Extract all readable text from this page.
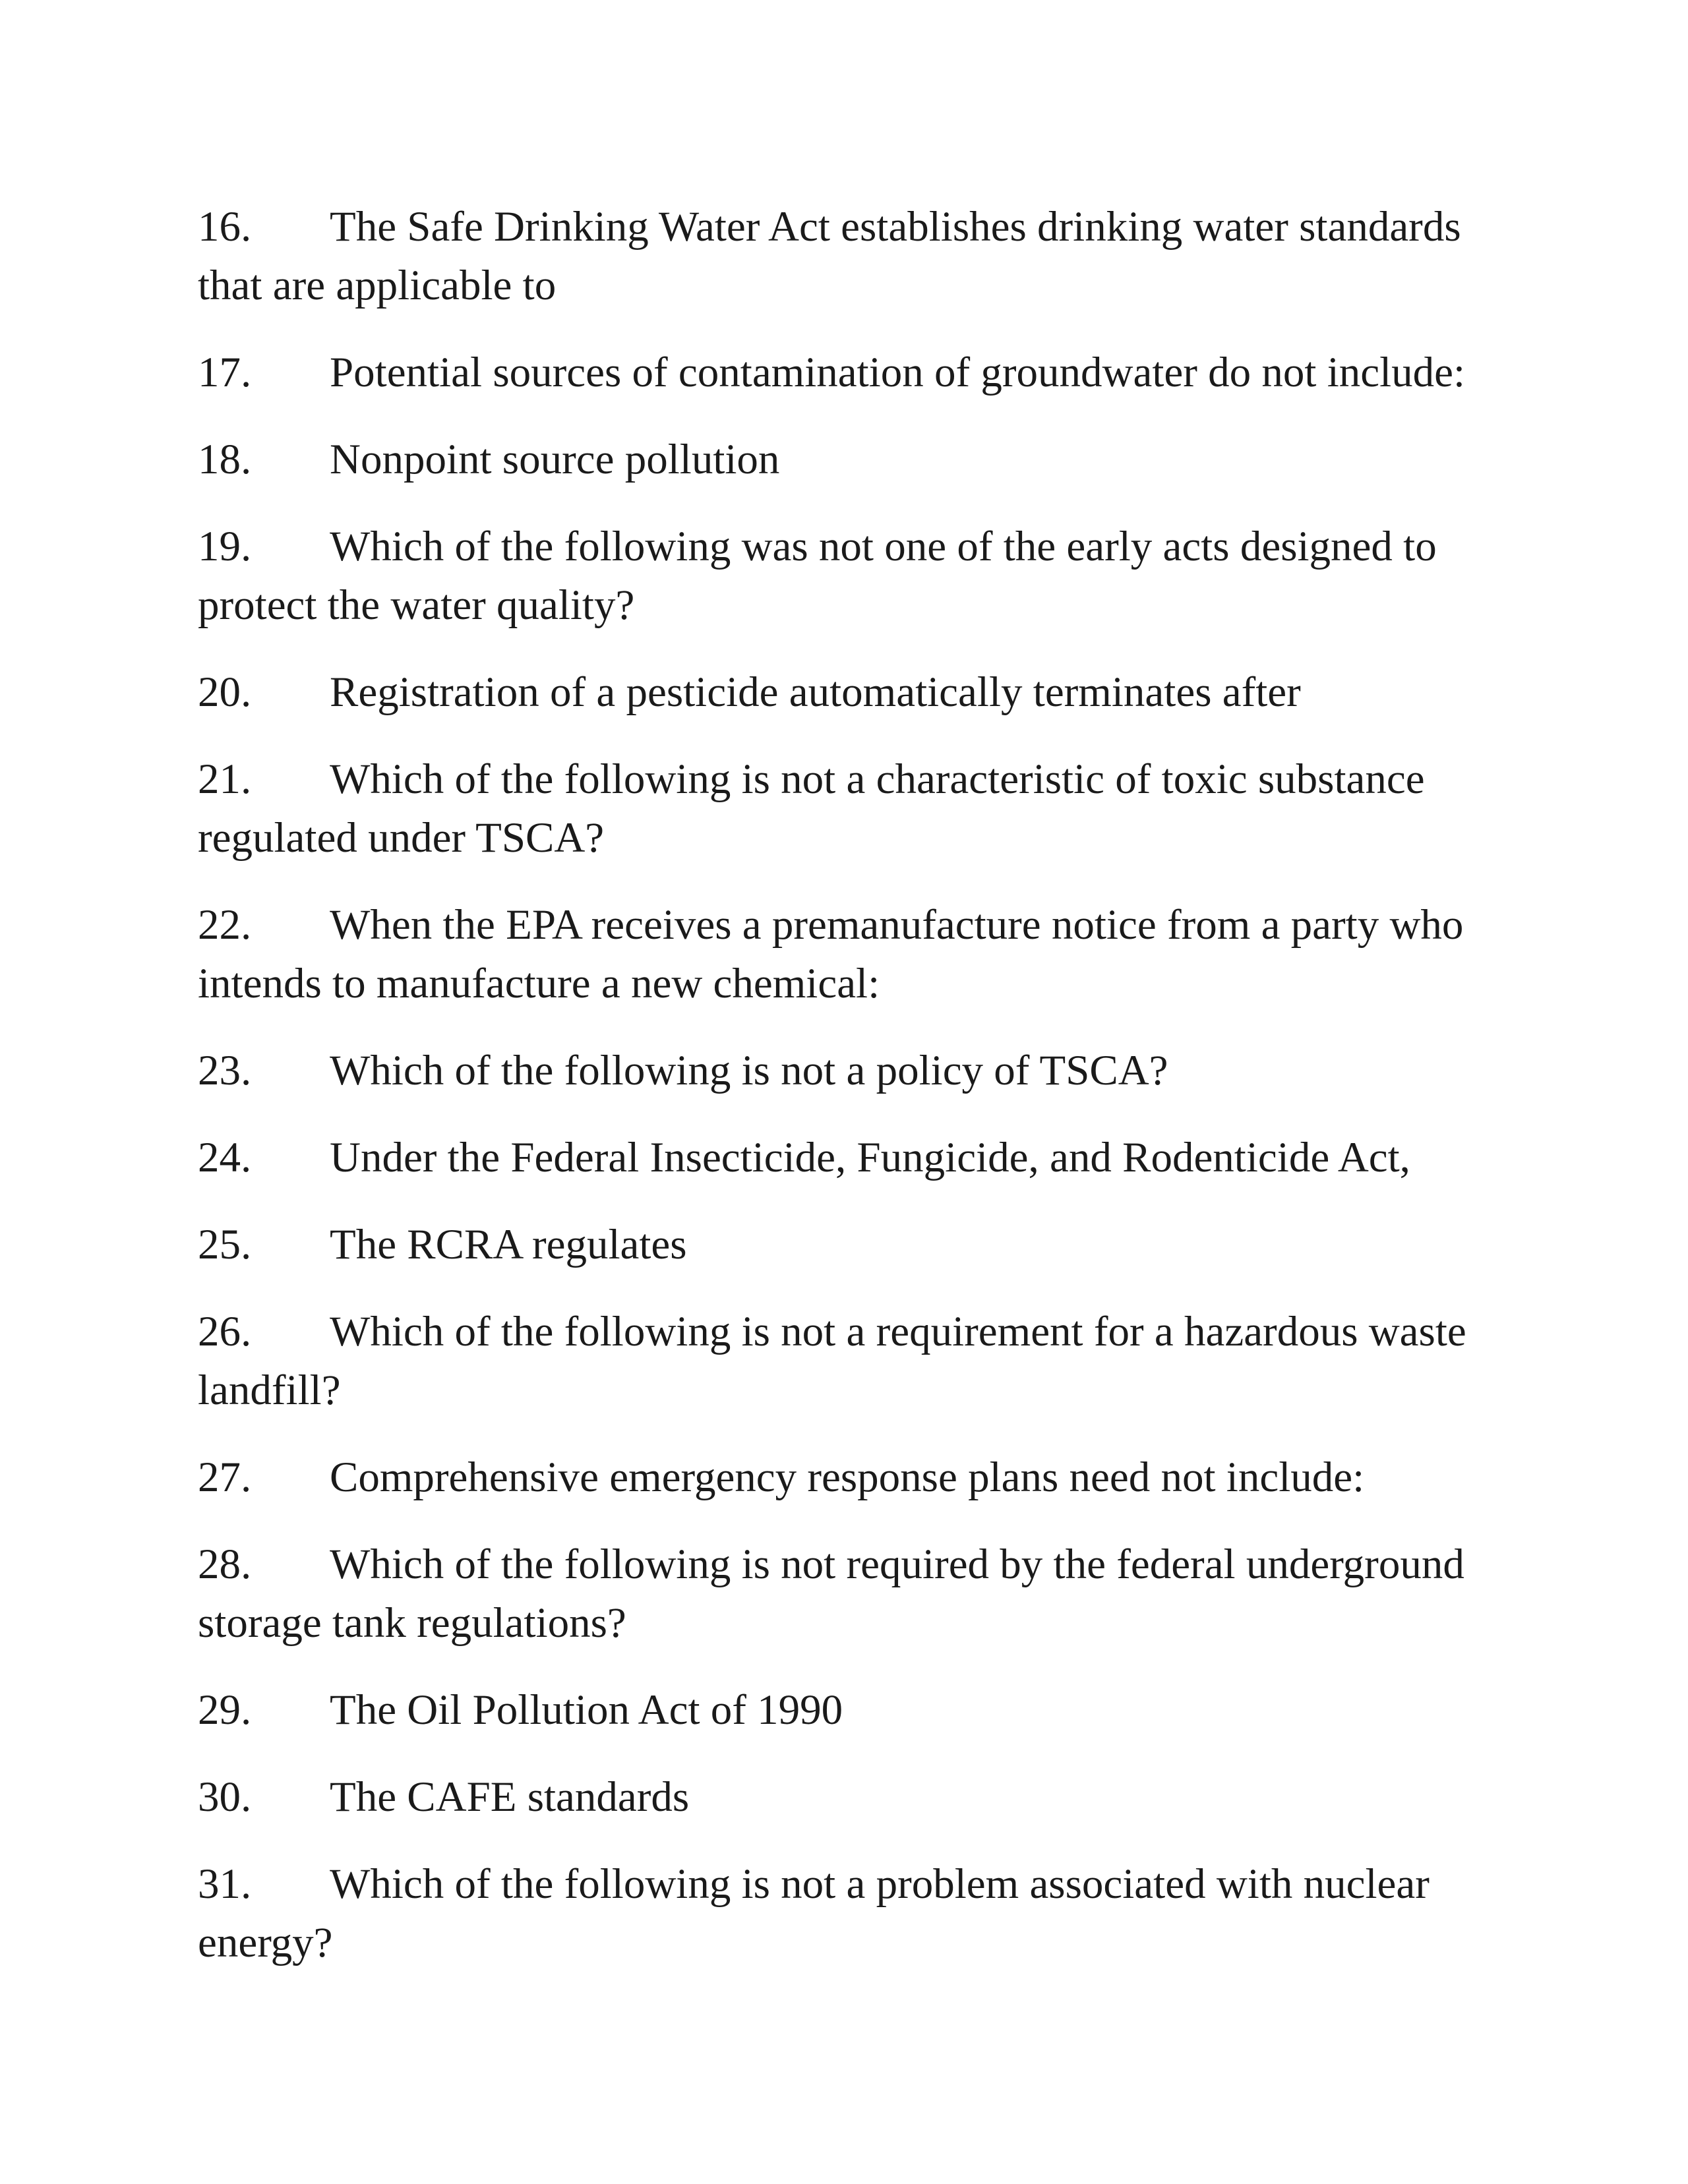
16. The Safe Drinking Water Act establishes drinking water standards that are applicable to

17. Potential sources of contamination of groundwater do not include:

18. Nonpoint source pollution

19. Which of the following was not one of the early acts designed to protect the water quality?

20. Registration of a pesticide automatically terminates after

21. Which of the following is not a characteristic of toxic substance regulated under TSCA?

22. When the EPA receives a premanufacture notice from a party who intends to manufacture a new chemical:

23. Which of the following is not a policy of TSCA?

24. Under the Federal Insecticide, Fungicide, and Rodenticide Act,

25. The RCRA regulates

26. Which of the following is not a requirement for a hazardous waste landfill?

27. Comprehensive emergency response plans need not include:

28. Which of the following is not required by the federal underground storage tank regulations?

29. The Oil Pollution Act of 1990

30. The CAFE standards

31. Which of the following is not a problem associated with nuclear energy?
